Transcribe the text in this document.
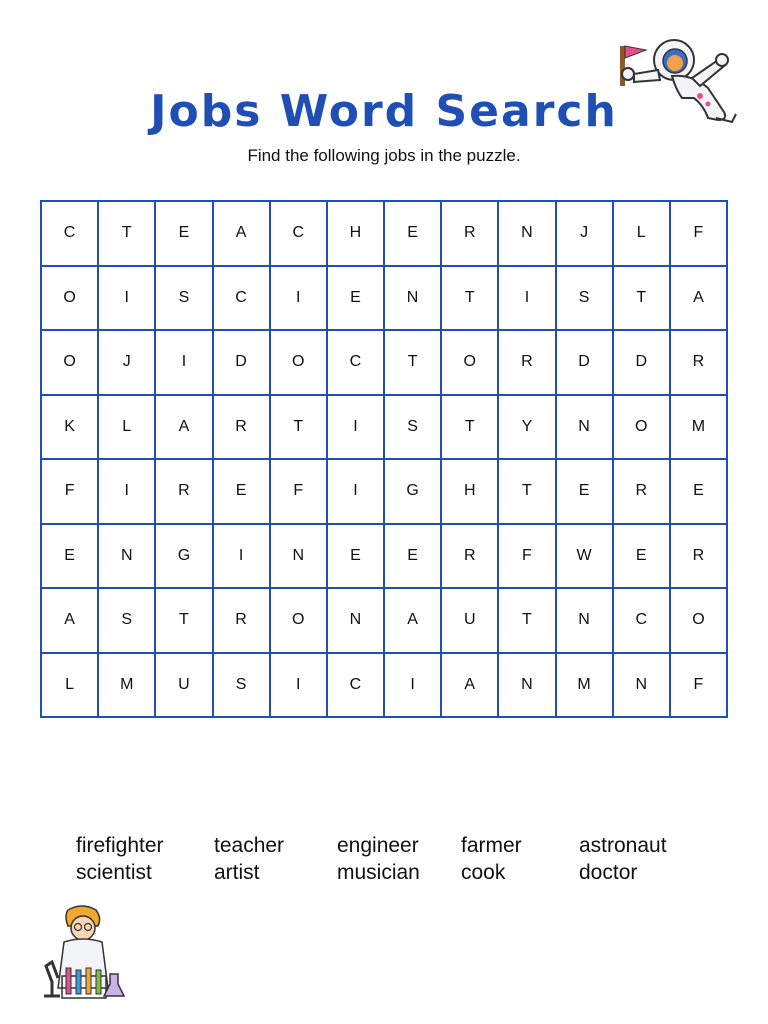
Jobs Word Search
Find the following jobs in the puzzle.
C	T	E	A	C	H	E	R	N	J	L	F
O	I	S	C	I	E	N	T	I	S	T	A
O	J	I	D	O	C	T	O	R	D	D	R
K	L	A	R	T	I	S	T	Y	N	O	M
F	I	R	E	F	I	G	H	T	E	R	E
E	N	G	I	N	E	E	R	F	W	E	R
A	S	T	R	O	N	A	U	T	N	C	O
L	M	U	S	I	C	I	A	N	M	N	F
firefighter
scientist
teacher
artist
engineer
musician
farmer
cook
astronaut
doctor
